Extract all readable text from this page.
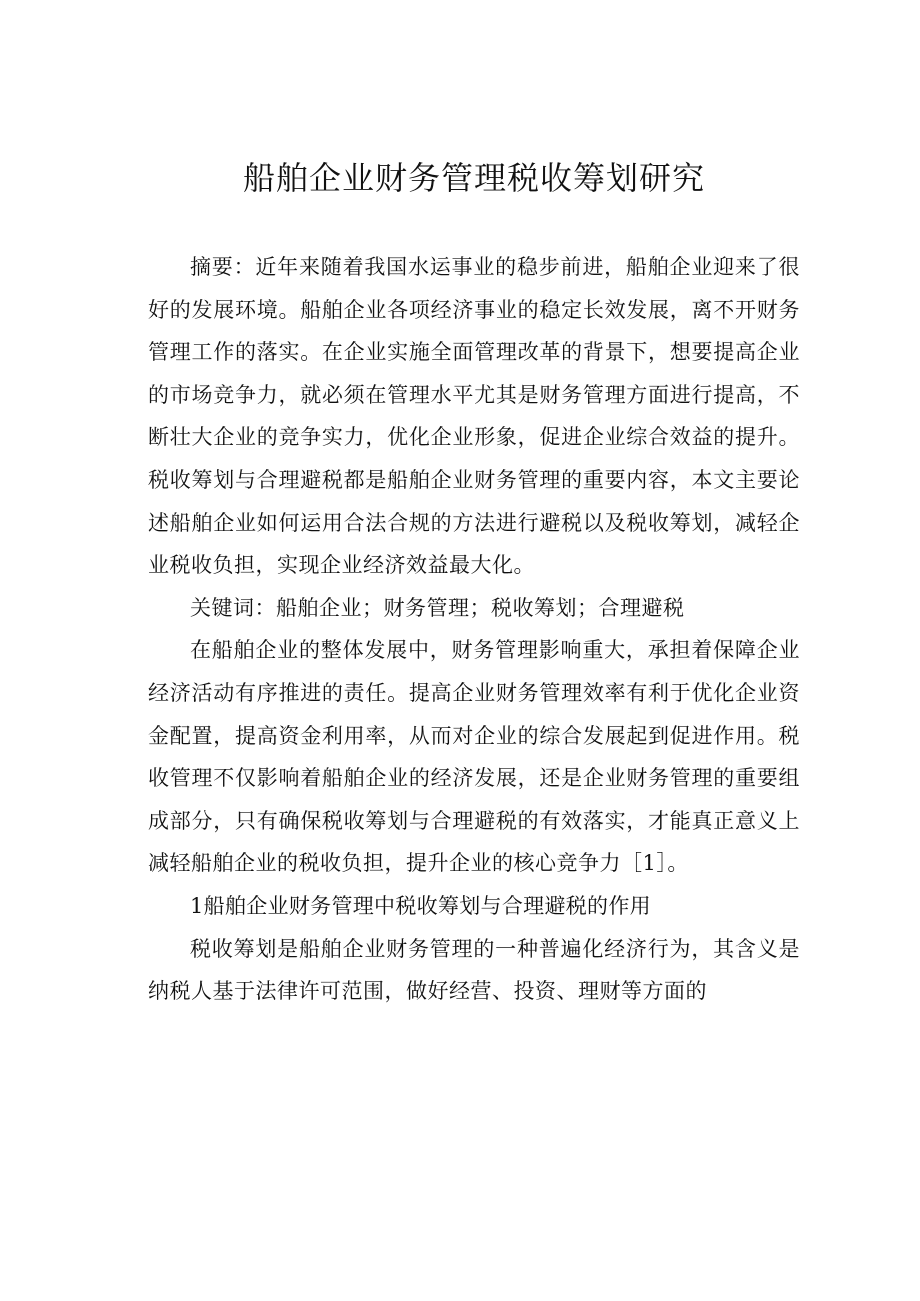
船舶企业财务管理税收筹划研究

摘要：近年来随着我国水运事业的稳步前进，船舶企业迎来了很好的发展环境。船舶企业各项经济事业的稳定长效发展，离不开财务管理工作的落实。在企业实施全面管理改革的背景下，想要提高企业的市场竞争力，就必须在管理水平尤其是财务管理方面进行提高，不断壮大企业的竞争实力，优化企业形象，促进企业综合效益的提升。税收筹划与合理避税都是船舶企业财务管理的重要内容，本文主要论述船舶企业如何运用合法合规的方法进行避税以及税收筹划，减轻企业税收负担，实现企业经济效益最大化。

关键词：船舶企业；财务管理；税收筹划；合理避税

在船舶企业的整体发展中，财务管理影响重大，承担着保障企业经济活动有序推进的责任。提高企业财务管理效率有利于优化企业资金配置，提高资金利用率，从而对企业的综合发展起到促进作用。税收管理不仅影响着船舶企业的经济发展，还是企业财务管理的重要组成部分，只有确保税收筹划与合理避税的有效落实，才能真正意义上减轻船舶企业的税收负担，提升企业的核心竞争力［1］。

1船舶企业财务管理中税收筹划与合理避税的作用

税收筹划是船舶企业财务管理的一种普遍化经济行为，其含义是纳税人基于法律许可范围，做好经营、投资、理财等方面的
